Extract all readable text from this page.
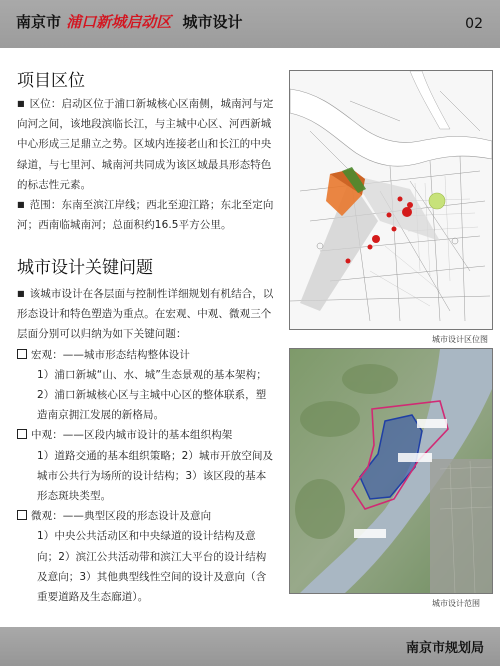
南京市 浦口新城启动区 城市设计	02
项目区位

■ 区位：启动区位于浦口新城核心区南侧，城南河与定向河之间，该地段滨临长江，与主城中心区、河西新城中心形成三足鼎立之势。区域内连接老山和长江的中央绿道，与七里河、城南河共同成为该区域最具形态特色的标志性元素。

■ 范围：东南至滨江岸线；西北至迎江路；东北至定向河；西南临城南河；总面积约16.5平方公里。

城市设计关键问题

■ 该城市设计在各层面与控制性详细规划有机结合，以形态设计和特色塑造为重点。在宏观、中观、微观三个层面分别可以归纳为如下关键问题：

宏观：——城市形态结构整体设计

1）浦口新城“山、水、城”生态景观的基本架构；2）浦口新城核心区与主城中心区的整体联系，塑造南京拥江发展的新格局。

中观：——区段内城市设计的基本组织构架

1）道路交通的基本组织策略；2）城市开放空间及城市公共行为场所的设计结构；3）该区段的基本形态斑块类型。

微观：——典型区段的形态设计及意向

1）中央公共活动区和中央绿道的设计结构及意向；2）滨江公共活动带和滨江大平台的设计结构及意向；3）其他典型线性空间的设计及意向（含重要道路及生态廊道）。

城市设计区位图
城市设计范围
南京市规划局
